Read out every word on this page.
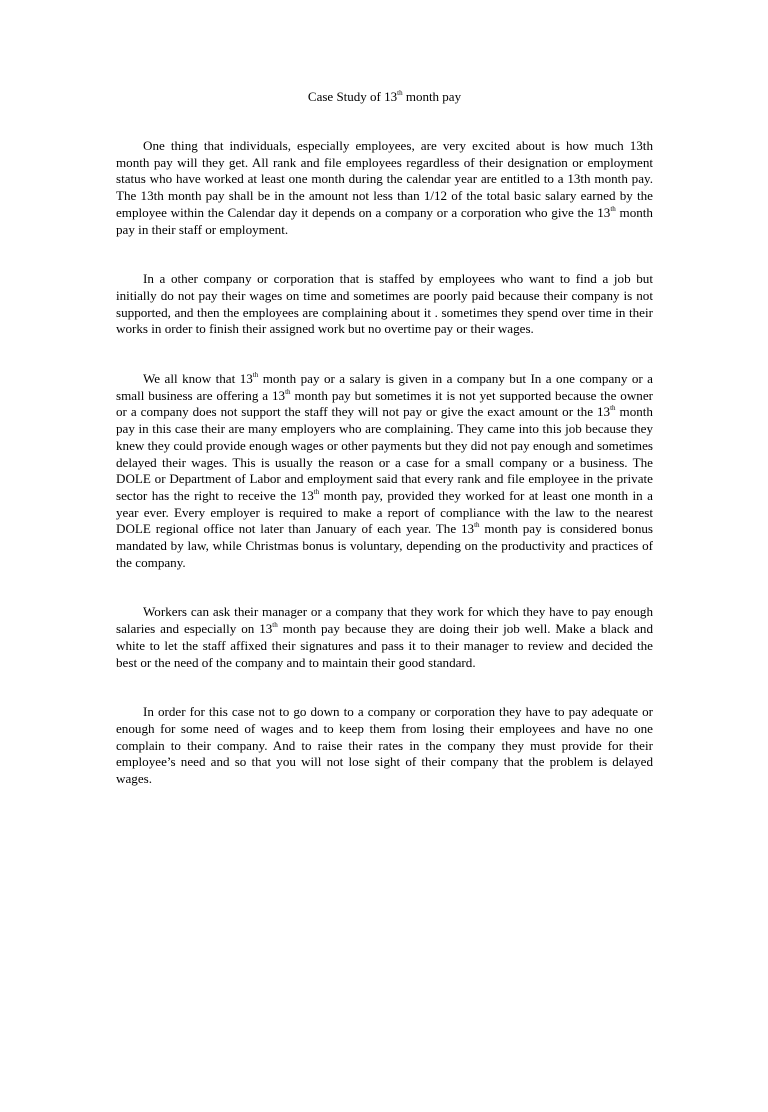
Case Study of 13th month pay

One thing that individuals, especially employees, are very excited about is how much 13th month pay will they get. All rank and file employees regardless of their designation or employment status who have worked at least one month during the calendar year are entitled to a 13th month pay. The 13th month pay shall be in the amount not less than 1/12 of the total basic salary earned by the employee within the Calendar day it depends on a company or a corporation who give the 13th month pay in their staff or employment.

In a other company or corporation that is staffed by employees who want to find a job but initially do not pay their wages on time and sometimes are poorly paid because their company is not supported, and then the employees are complaining about it . sometimes they spend over time in their works in order to finish their assigned work but no overtime pay or their wages.

We all know that 13th month pay or a salary is given in a company but In a one company or a small business are offering a 13th month pay but sometimes it is not yet supported because the owner or a company does not support the staff they will not pay or give the exact amount or the 13th month pay in this case their are many employers who are complaining. They came into this job because they knew they could provide enough wages or other payments but they did not pay enough and sometimes delayed their wages. This is usually the reason or a case for a small company or a business. The DOLE or Department of Labor and employment said that every rank and file employee in the private sector has the right to receive the 13th month pay, provided they worked for at least one month in a year ever. Every employer is required to make a report of compliance with the law to the nearest DOLE regional office not later than January of each year. The 13th month pay is considered bonus mandated by law, while Christmas bonus is voluntary, depending on the productivity and practices of the company.

Workers can ask their manager or a company that they work for which they have to pay enough salaries and especially on 13th month pay because they are doing their job well. Make a black and white to let the staff affixed their signatures and pass it to their manager to review and decided the best or the need of the company and to maintain their good standard.

In order for this case not to go down to a company or corporation they have to pay adequate or enough for some need of wages and to keep them from losing their employees and have no one complain to their company. And to raise their rates in the company they must provide for their employee’s need and so that you will not lose sight of their company that the problem is delayed wages.
